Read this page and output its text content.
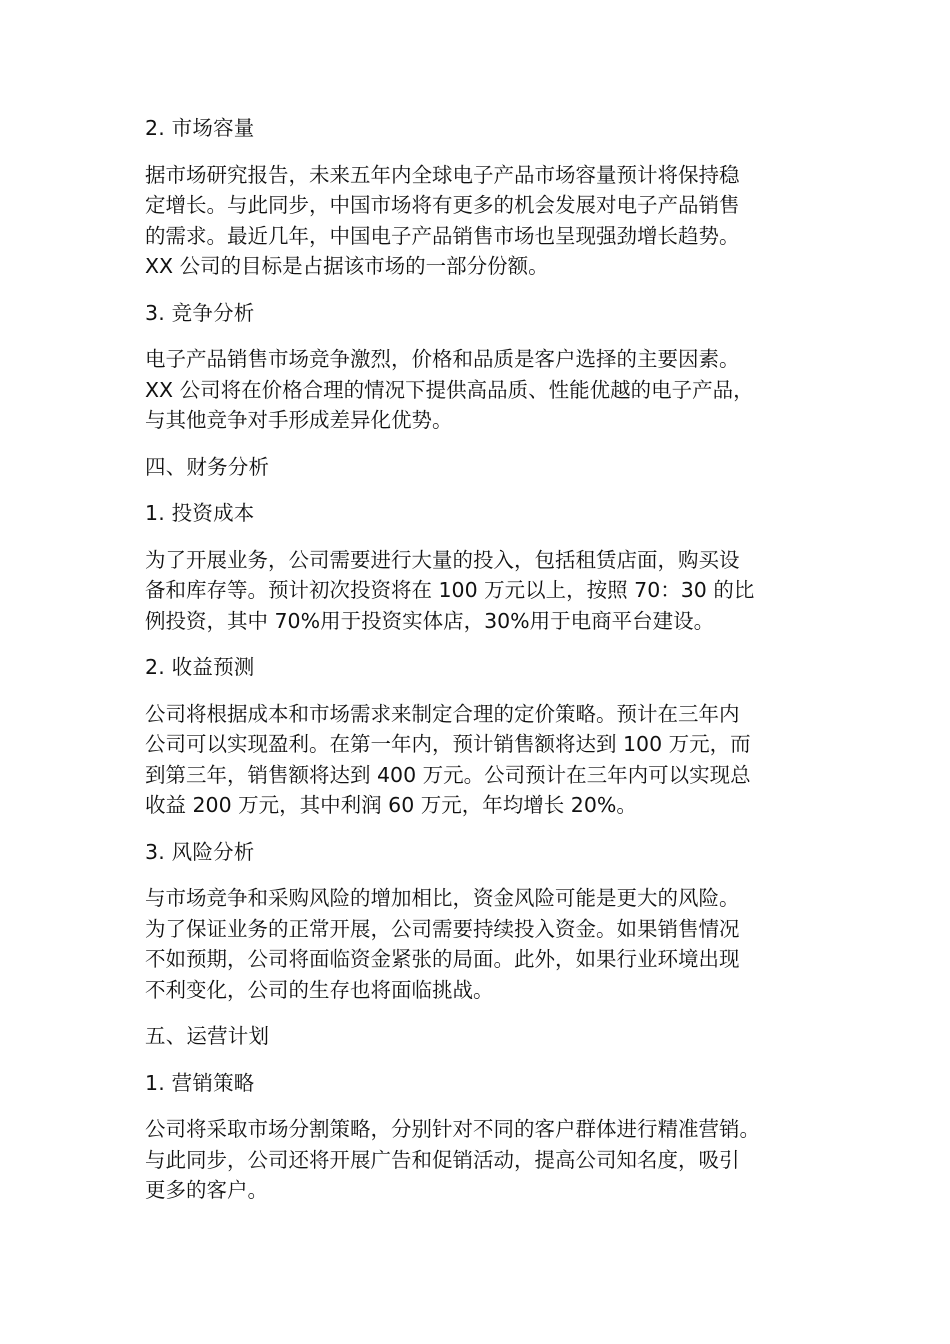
2. 市场容量
据市场研究报告，未来五年内全球电子产品市场容量预计将保持稳
定增长。与此同步，中国市场将有更多的机会发展对电子产品销售
的需求。最近几年，中国电子产品销售市场也呈现强劲增长趋势。
XX 公司的目标是占据该市场的一部分份额。
3. 竞争分析
电子产品销售市场竞争激烈，价格和品质是客户选择的主要因素。
XX 公司将在价格合理的情况下提供高品质、性能优越的电子产品，
与其他竞争对手形成差异化优势。
四、财务分析
1. 投资成本
为了开展业务，公司需要进行大量的投入，包括租赁店面，购买设
备和库存等。预计初次投资将在 100 万元以上，按照 70：30 的比
例投资，其中 70%用于投资实体店，30%用于电商平台建设。
2. 收益预测
公司将根据成本和市场需求来制定合理的定价策略。预计在三年内
公司可以实现盈利。在第一年内，预计销售额将达到 100 万元，而
到第三年，销售额将达到 400 万元。公司预计在三年内可以实现总
收益 200 万元，其中利润 60 万元，年均增长 20%。
3. 风险分析
与市场竞争和采购风险的增加相比，资金风险可能是更大的风险。
为了保证业务的正常开展，公司需要持续投入资金。如果销售情况
不如预期，公司将面临资金紧张的局面。此外，如果行业环境出现
不利变化，公司的生存也将面临挑战。
五、运营计划
1. 营销策略
公司将采取市场分割策略，分别针对不同的客户群体进行精准营销。
与此同步，公司还将开展广告和促销活动，提高公司知名度，吸引
更多的客户。
